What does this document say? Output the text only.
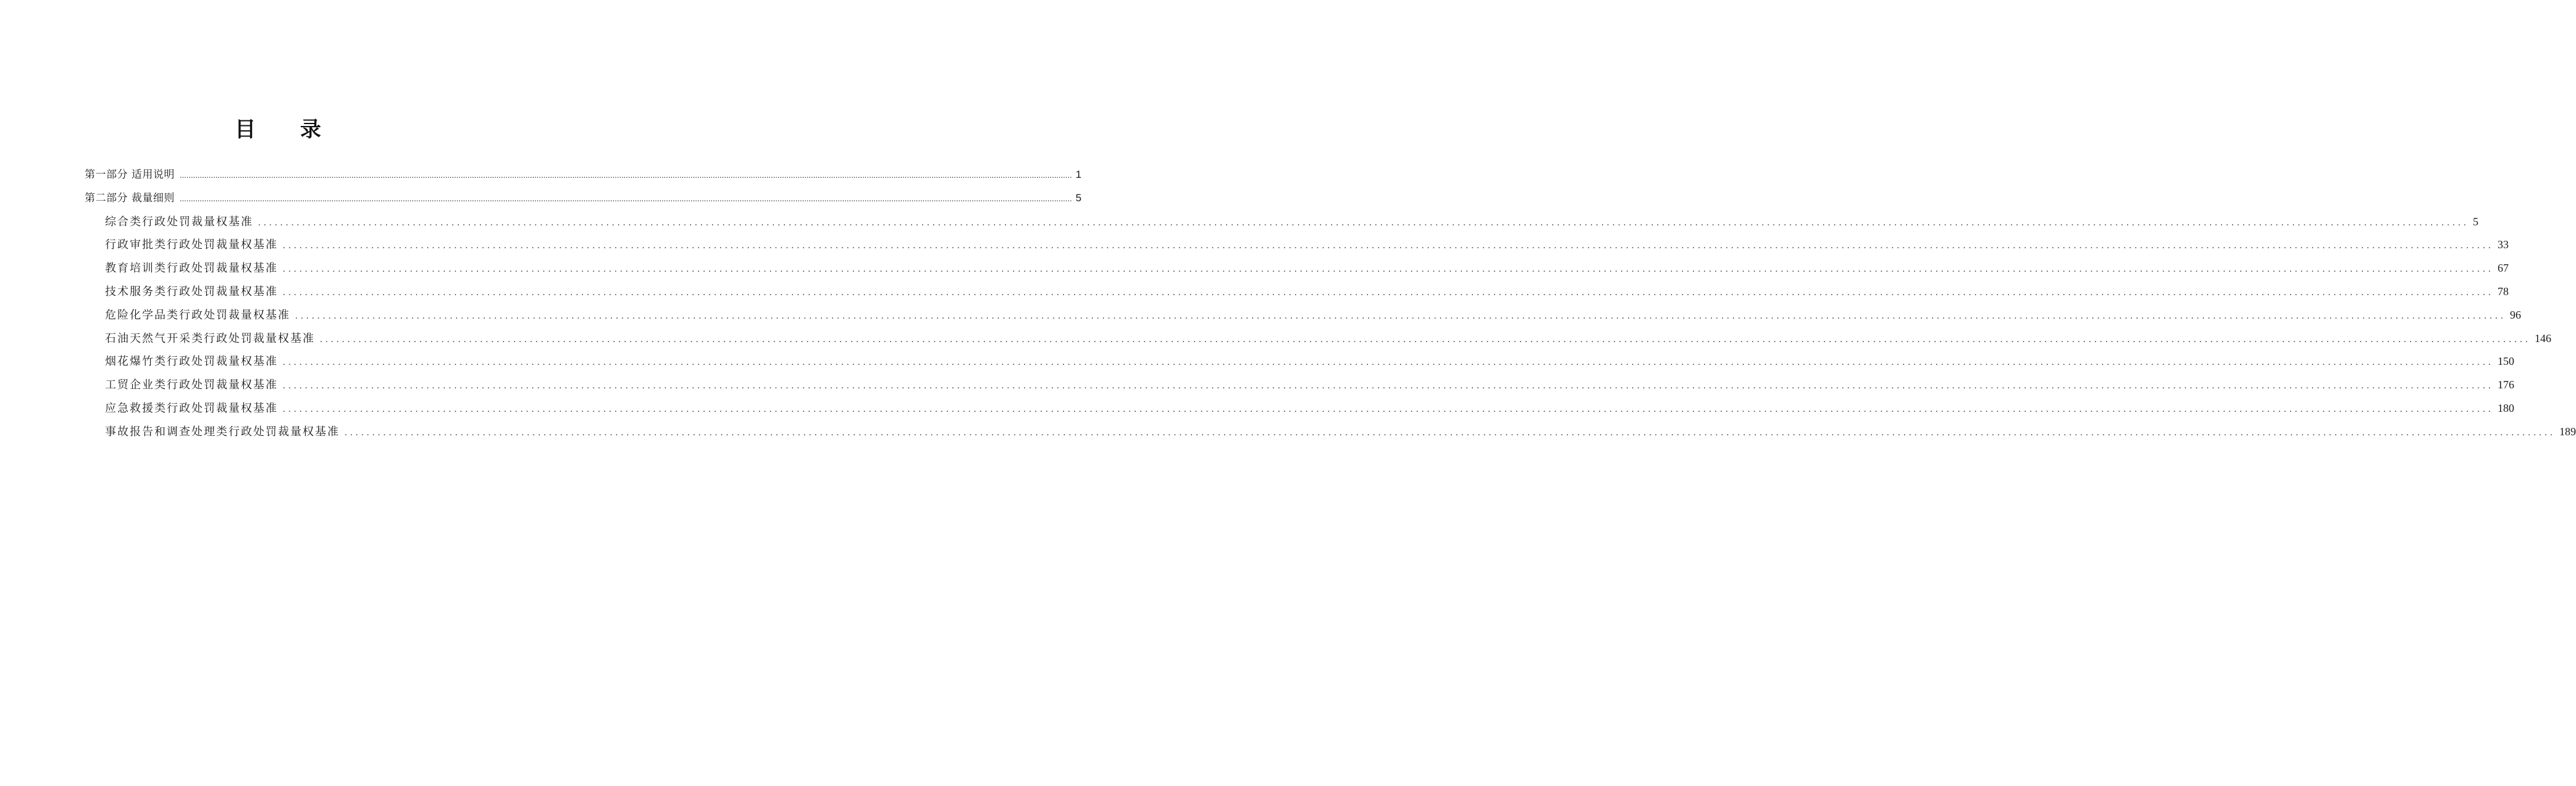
目 录
第一部分 适用说明 ................................................................................................................................................................................................................................................................................................................................................................................................................ 1
第二部分 裁量细则 ................................................................................................................................................................................................................................................................................................................................................................................................................ 5
综合类行政处罚裁量权基准 ................................................................................................................................................................................................................................................................................................................................................................................................................ 5
行政审批类行政处罚裁量权基准 ................................................................................................................................................................................................................................................................................................................................................................................................................ 33
教育培训类行政处罚裁量权基准 ................................................................................................................................................................................................................................................................................................................................................................................................................ 67
技术服务类行政处罚裁量权基准 ................................................................................................................................................................................................................................................................................................................................................................................................................ 78
危险化学品类行政处罚裁量权基准 ................................................................................................................................................................................................................................................................................................................................................................................................................ 96
石油天然气开采类行政处罚裁量权基准 ................................................................................................................................................................................................................................................................................................................................................................................................................ 146
烟花爆竹类行政处罚裁量权基准 ................................................................................................................................................................................................................................................................................................................................................................................................................ 150
工贸企业类行政处罚裁量权基准 ................................................................................................................................................................................................................................................................................................................................................................................................................ 176
应急救援类行政处罚裁量权基准 ................................................................................................................................................................................................................................................................................................................................................................................................................ 180
事故报告和调查处理类行政处罚裁量权基准 ................................................................................................................................................................................................................................................................................................................................................................................................................ 189
